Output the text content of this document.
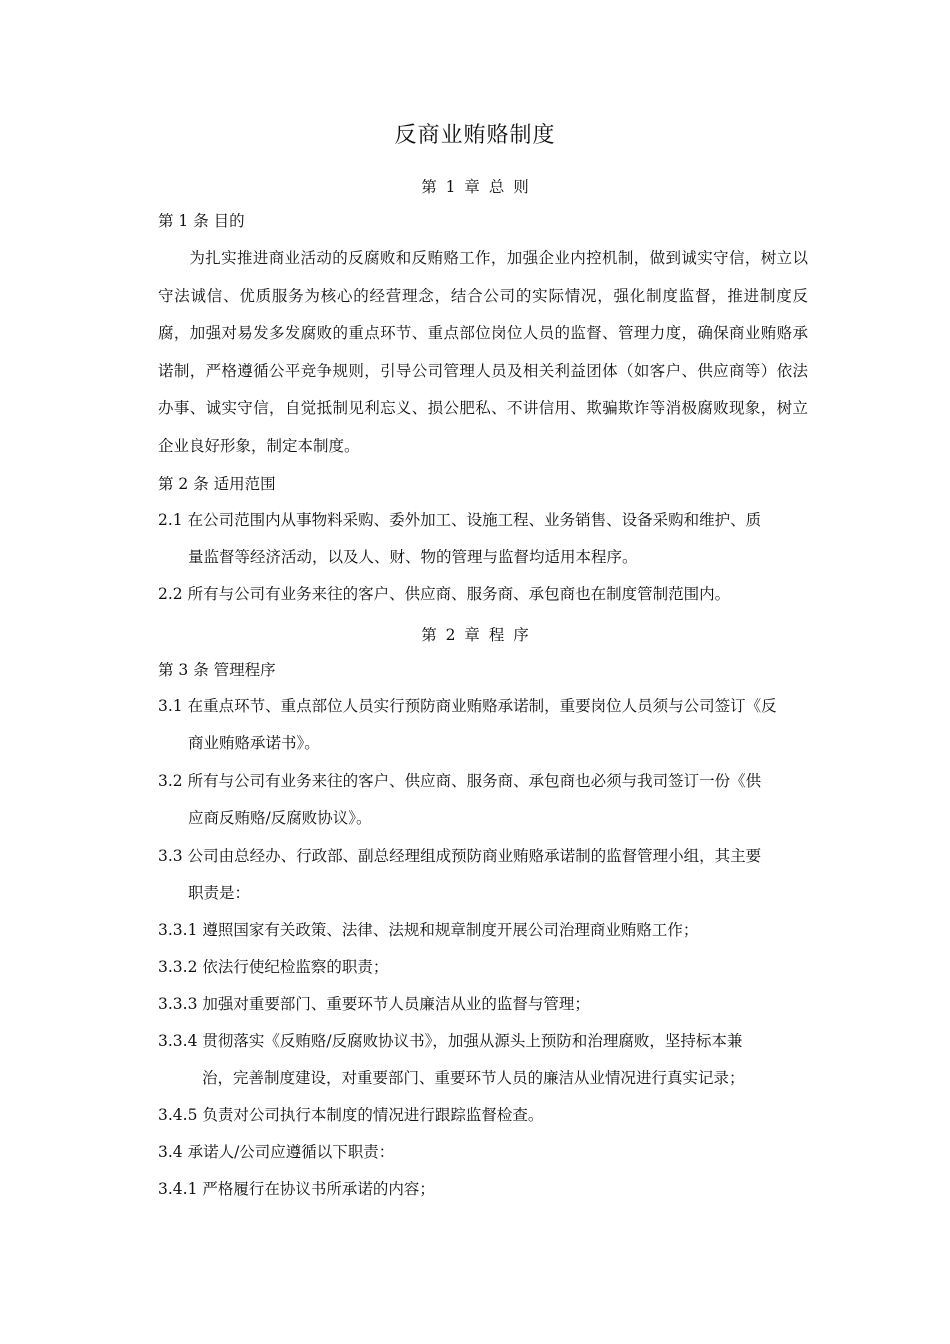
反商业贿赂制度
第 1 章 总 则
第 1 条 目的
为扎实推进商业活动的反腐败和反贿赂工作，加强企业内控机制，做到诚实守信，树立以守法诚信、优质服务为核心的经营理念，结合公司的实际情况，强化制度监督，推进制度反腐，加强对易发多发腐败的重点环节、重点部位岗位人员的监督、管理力度，确保商业贿赂承诺制，严格遵循公平竞争规则，引导公司管理人员及相关利益团体（如客户、供应商等）依法办事、诚实守信，自觉抵制见利忘义、损公肥私、不讲信用、欺骗欺诈等消极腐败现象，树立企业良好形象，制定本制度。
第 2 条 适用范围
2.1 在公司范围内从事物料采购、委外加工、设施工程、业务销售、设备采购和维护、质
量监督等经济活动，以及人、财、物的管理与监督均适用本程序。
2.2 所有与公司有业务来往的客户、供应商、服务商、承包商也在制度管制范围内。
第 2 章 程 序
第 3 条 管理程序
3.1 在重点环节、重点部位人员实行预防商业贿赂承诺制，重要岗位人员须与公司签订《反
商业贿赂承诺书》。
3.2 所有与公司有业务来往的客户、供应商、服务商、承包商也必须与我司签订一份《供
应商反贿赂/反腐败协议》。
3.3 公司由总经办、行政部、副总经理组成预防商业贿赂承诺制的监督管理小组，其主要
职责是：
3.3.1 遵照国家有关政策、法律、法规和规章制度开展公司治理商业贿赂工作；
3.3.2 依法行使纪检监察的职责；
3.3.3 加强对重要部门、重要环节人员廉洁从业的监督与管理；
3.3.4 贯彻落实《反贿赂/反腐败协议书》，加强从源头上预防和治理腐败，坚持标本兼
治，完善制度建设，对重要部门、重要环节人员的廉洁从业情况进行真实记录；
3.4.5 负责对公司执行本制度的情况进行跟踪监督检查。
3.4 承诺人/公司应遵循以下职责：
3.4.1 严格履行在协议书所承诺的内容；
